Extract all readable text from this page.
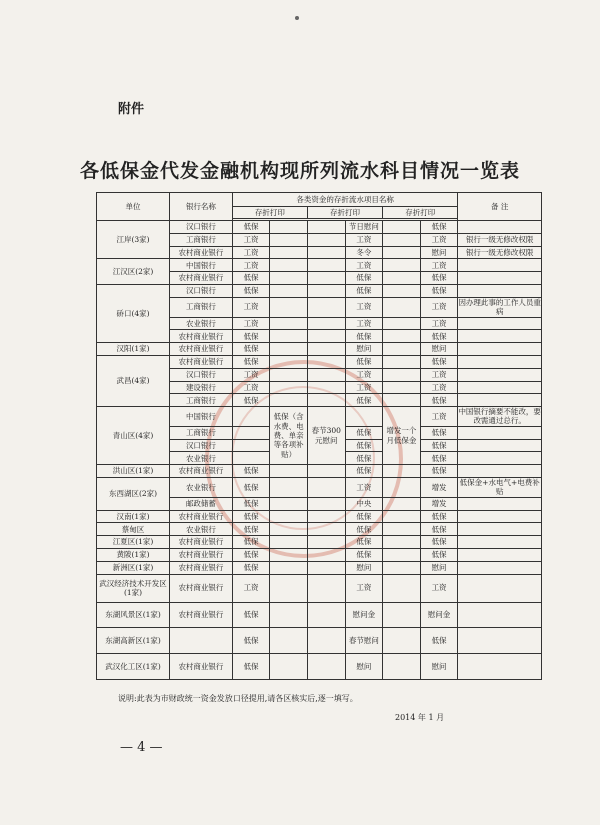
附件
各低保金代发金融机构现所列流水科目情况一览表
单位	银行名称	各类资金的存折流水项目名称						备 注
		存折打印		存折打印		存折打印		

江岸(3家)	汉口银行	低保			节日慰问		低保	
	工商银行	工资			工资		工资	银行一级无修改权限
	农村商业银行	工资			冬令		慰问	银行一级无修改权限
江汉区(2家)	中国银行	工资			工资		工资	
	农村商业银行	低保			低保		低保	
硚口(4家)	汉口银行	低保			低保		低保	
	工商银行	工资			工资		工资	因办理此事的工作人员重病
	农业银行	工资			工资		工资	
	农村商业银行	低保			低保		低保	
汉阳(1家)	农村商业银行	低保			慰问		慰问	
武昌(4家)	农村商业银行	低保			低保		低保	
	汉口银行	工资			工资		工资	
	建设银行	工资			工资		工资	
	工商银行	低保			低保		低保	
青山区(4家)	中国银行		低保（含水费、电费、单亲等各项补贴）	春节300元慰问		增发一个月低保金	工资	中国银行摘要不能改，要改需通过总行。
	工商银行				低保		低保	
	汉口银行				低保		低保	
	农业银行				低保		低保	
洪山区(1家)	农村商业银行	低保			低保		低保	
东西湖区(2家)	农业银行	低保			工资		增发	低保金+水电气+电费补贴
	邮政储蓄	低保			中央		增发	
汉南(1家)	农村商业银行	低保			低保		低保	
蔡甸区	农业银行	低保			低保		低保	
江夏区(1家)	农村商业银行	低保			低保		低保	
黄陂(1家)	农村商业银行	低保			低保		低保	
新洲区(1家)	农村商业银行	低保			慰问		慰问	
武汉经济技术开发区(1家)	农村商业银行	工资			工资		工资	
东湖风景区(1家)	农村商业银行	低保			慰问金		慰问金	
东湖高新区(1家)		低保			春节慰问		低保	
武汉化工区(1家)	农村商业银行	低保			慰问		慰问	
说明:此表为市财政统一资金发放口径提用,请各区核实后,逐一填写。
2014 年 1 月
— 4 —
